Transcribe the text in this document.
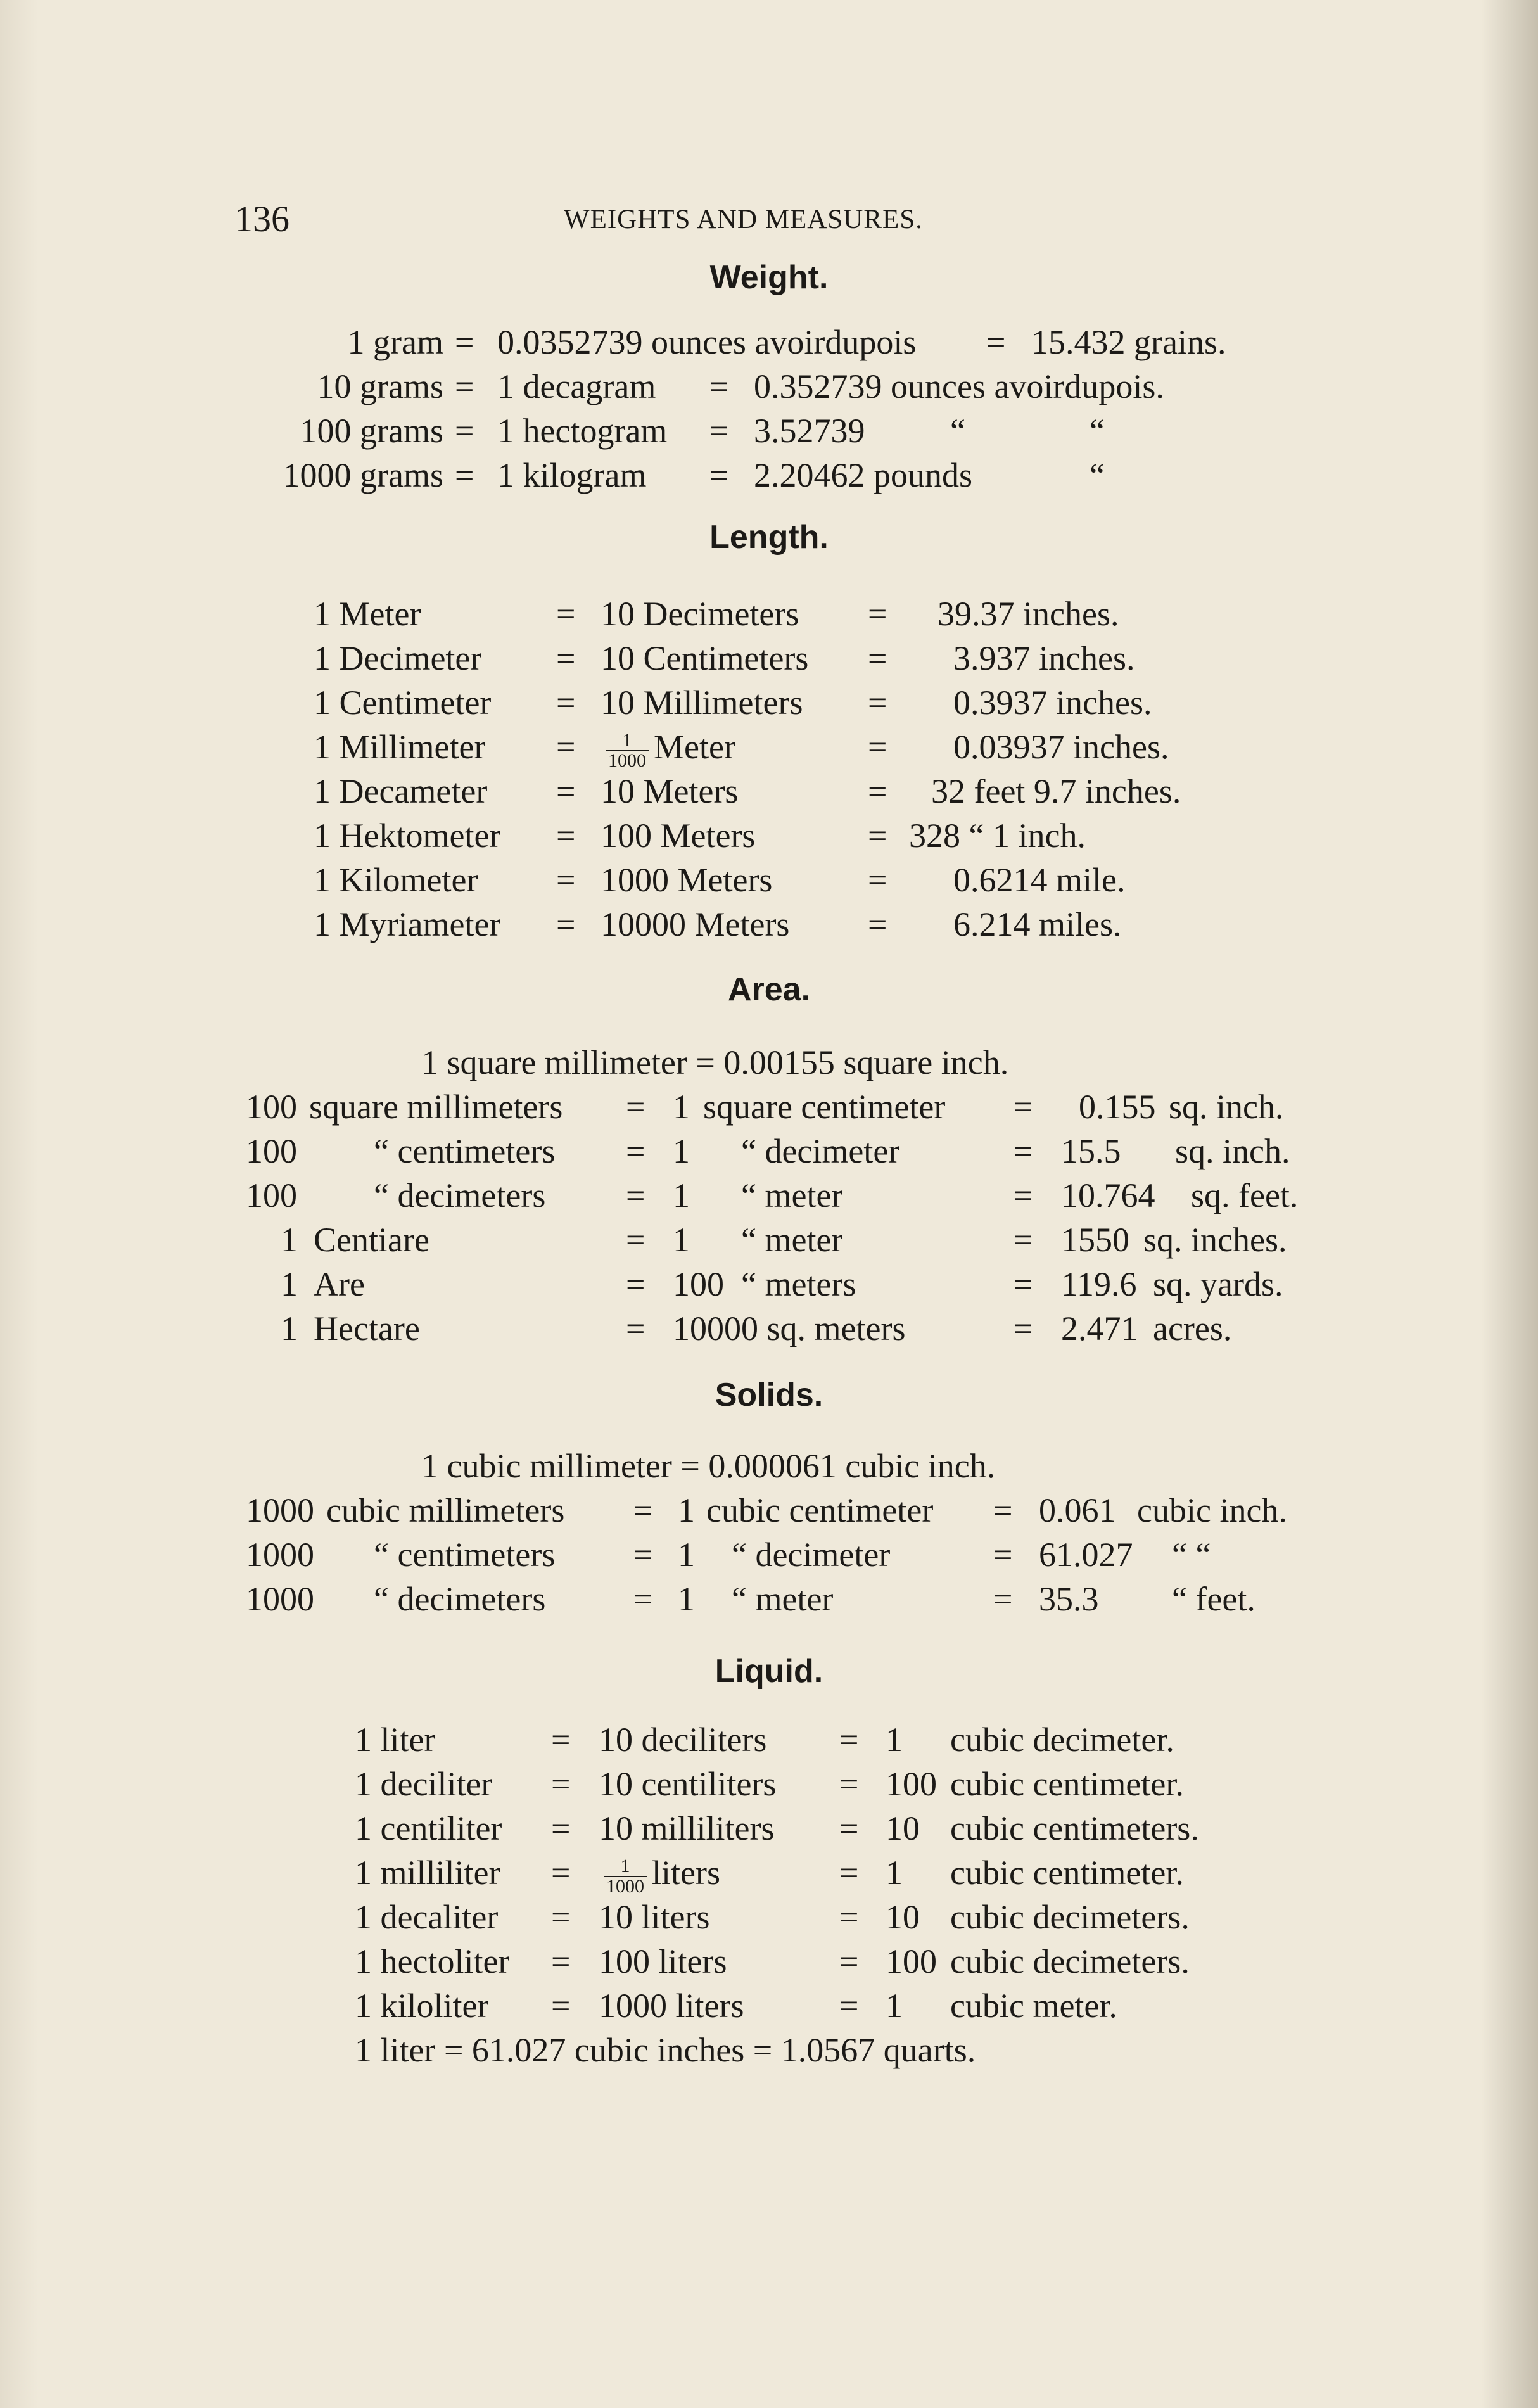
136	WEIGHTS AND MEASURES.
Weight.
1 gram = 0.0352739 ounces avoirdupois = 15.432 grains.
10 grams = 1 decagram = 0.352739 ounces avoirdupois.
100 grams = 1 hectogram = 3.52739 “	“
1000 grams = 1 kilogram = 2.20462 pounds	“
Length.
1 Meter	= 10 Decimeters = 39.37 inches.
1 Decimeter = 10 Centimeters = 3.937 inches.
1 Centimeter = 10 Millimeters = 0.3937 inches.
1 Millimeter = $\frac{1}{1000}$ Meter	= 0.03937 inches.
1 Decameter = 10 Meters	= 32 feet 9.7 inches.
1 Hektometer = 100 Meters	= 328 “ 1 inch.
1 Kilometer = 1000 Meters	= 0.6214 mile.
1 Myriameter = 10000 Meters = 6.214 miles.
Area.
1 square millimeter = 0.00155 square inch.
100 square millimeters = 1 square centimeter = 0.155 sq. inch.
100 “ centimeters = 1 “ decimeter	= 15.5 sq. inch.
100 “ decimeters = 1 “ meter	= 10.764 sq. feet.
1 Centiare	= 1 “ meter	= 1550 sq. inches.
1 Are	= 100 “ meters	= 119.6 sq. yards.
1 Hectare	= 10000 sq. meters	= 2.471 acres.
Solids.
1 cubic millimeter = 0.000061 cubic inch.
1000 cubic millimeters = 1 cubic centimeter = 0.061 cubic inch.
1000 “ centimeters = 1 “ decimeter	= 61.027 “ “
1000 “ decimeters	= 1 “ meter	= 35.3 “ feet.
Liquid.
1 liter	= 10 deciliters = 1 cubic decimeter.
1 deciliter = 10 centiliters = 100 cubic centimeter.
1 centiliter = 10 milliliters = 10 cubic centimeters.
1 milliliter = $\frac{1}{1000}$ liters	= 1 cubic centimeter.
1 decaliter = 10 liters	= 10 cubic decimeters.
1 hectoliter = 100 liters	= 100 cubic decimeters.
1 kiloliter = 1000 liters	= 1 cubic meter.
1 liter = 61.027 cubic inches = 1.0567 quarts.
